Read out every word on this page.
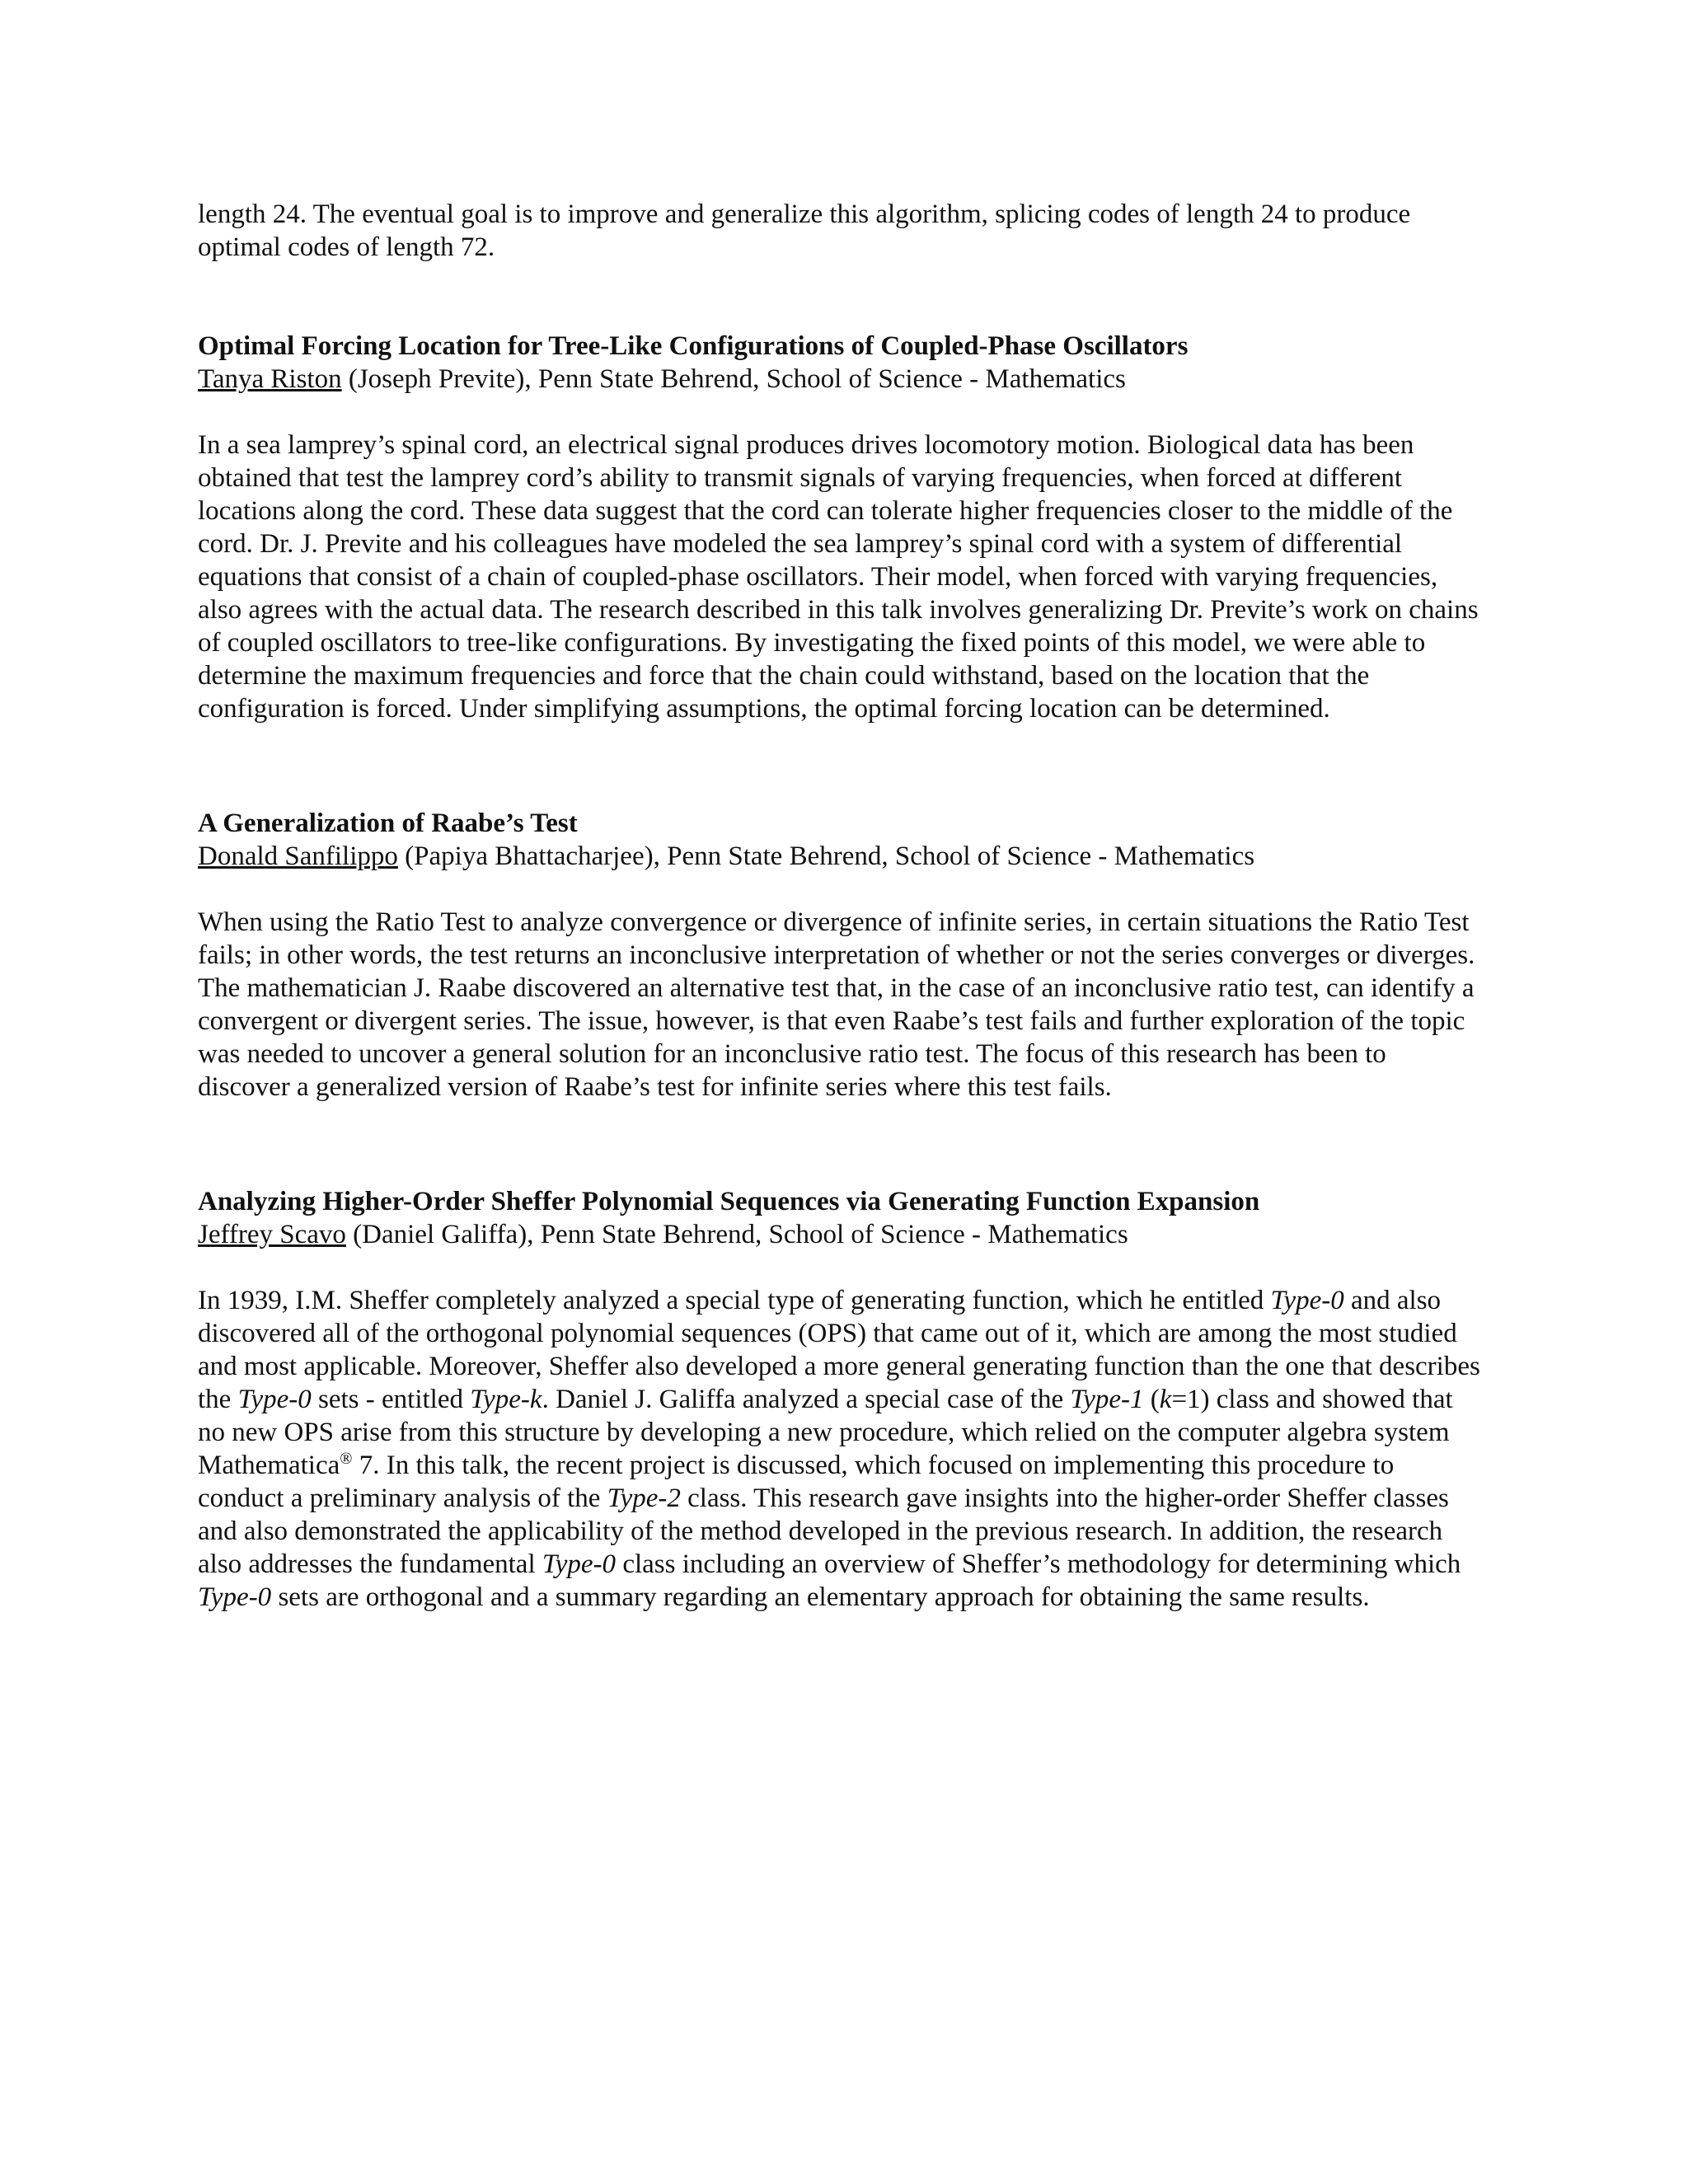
length 24. The eventual goal is to improve and generalize this algorithm, splicing codes of length 24 to produce optimal codes of length 72.

Optimal Forcing Location for Tree-Like Configurations of Coupled-Phase Oscillators

Tanya Riston (Joseph Previte), Penn State Behrend, School of Science - Mathematics

In a sea lamprey’s spinal cord, an electrical signal produces drives locomotory motion. Biological data has been obtained that test the lamprey cord’s ability to transmit signals of varying frequencies, when forced at different locations along the cord. These data suggest that the cord can tolerate higher frequencies closer to the middle of the cord. Dr. J. Previte and his colleagues have modeled the sea lamprey’s spinal cord with a system of differential equations that consist of a chain of coupled-phase oscillators. Their model, when forced with varying frequencies, also agrees with the actual data. The research described in this talk involves generalizing Dr. Previte’s work on chains of coupled oscillators to tree-like configurations. By investigating the fixed points of this model, we were able to determine the maximum frequencies and force that the chain could withstand, based on the location that the configuration is forced. Under simplifying assumptions, the optimal forcing location can be determined.

A Generalization of Raabe’s Test

Donald Sanfilippo (Papiya Bhattacharjee), Penn State Behrend, School of Science - Mathematics

When using the Ratio Test to analyze convergence or divergence of infinite series, in certain situations the Ratio Test fails; in other words, the test returns an inconclusive interpretation of whether or not the series converges or diverges. The mathematician J. Raabe discovered an alternative test that, in the case of an inconclusive ratio test, can identify a convergent or divergent series. The issue, however, is that even Raabe’s test fails and further exploration of the topic was needed to uncover a general solution for an inconclusive ratio test. The focus of this research has been to discover a generalized version of Raabe’s test for infinite series where this test fails.

Analyzing Higher-Order Sheffer Polynomial Sequences via Generating Function Expansion

Jeffrey Scavo (Daniel Galiffa), Penn State Behrend, School of Science - Mathematics

In 1939, I.M. Sheffer completely analyzed a special type of generating function, which he entitled Type-0 and also discovered all of the orthogonal polynomial sequences (OPS) that came out of it, which are among the most studied and most applicable. Moreover, Sheffer also developed a more general generating function than the one that describes the Type-0 sets - entitled Type-k. Daniel J. Galiffa analyzed a special case of the Type-1 (k=1) class and showed that no new OPS arise from this structure by developing a new procedure, which relied on the computer algebra system Mathematica® 7. In this talk, the recent project is discussed, which focused on implementing this procedure to conduct a preliminary analysis of the Type-2 class. This research gave insights into the higher-order Sheffer classes and also demonstrated the applicability of the method developed in the previous research. In addition, the research also addresses the fundamental Type-0 class including an overview of Sheffer’s methodology for determining which Type-0 sets are orthogonal and a summary regarding an elementary approach for obtaining the same results.
